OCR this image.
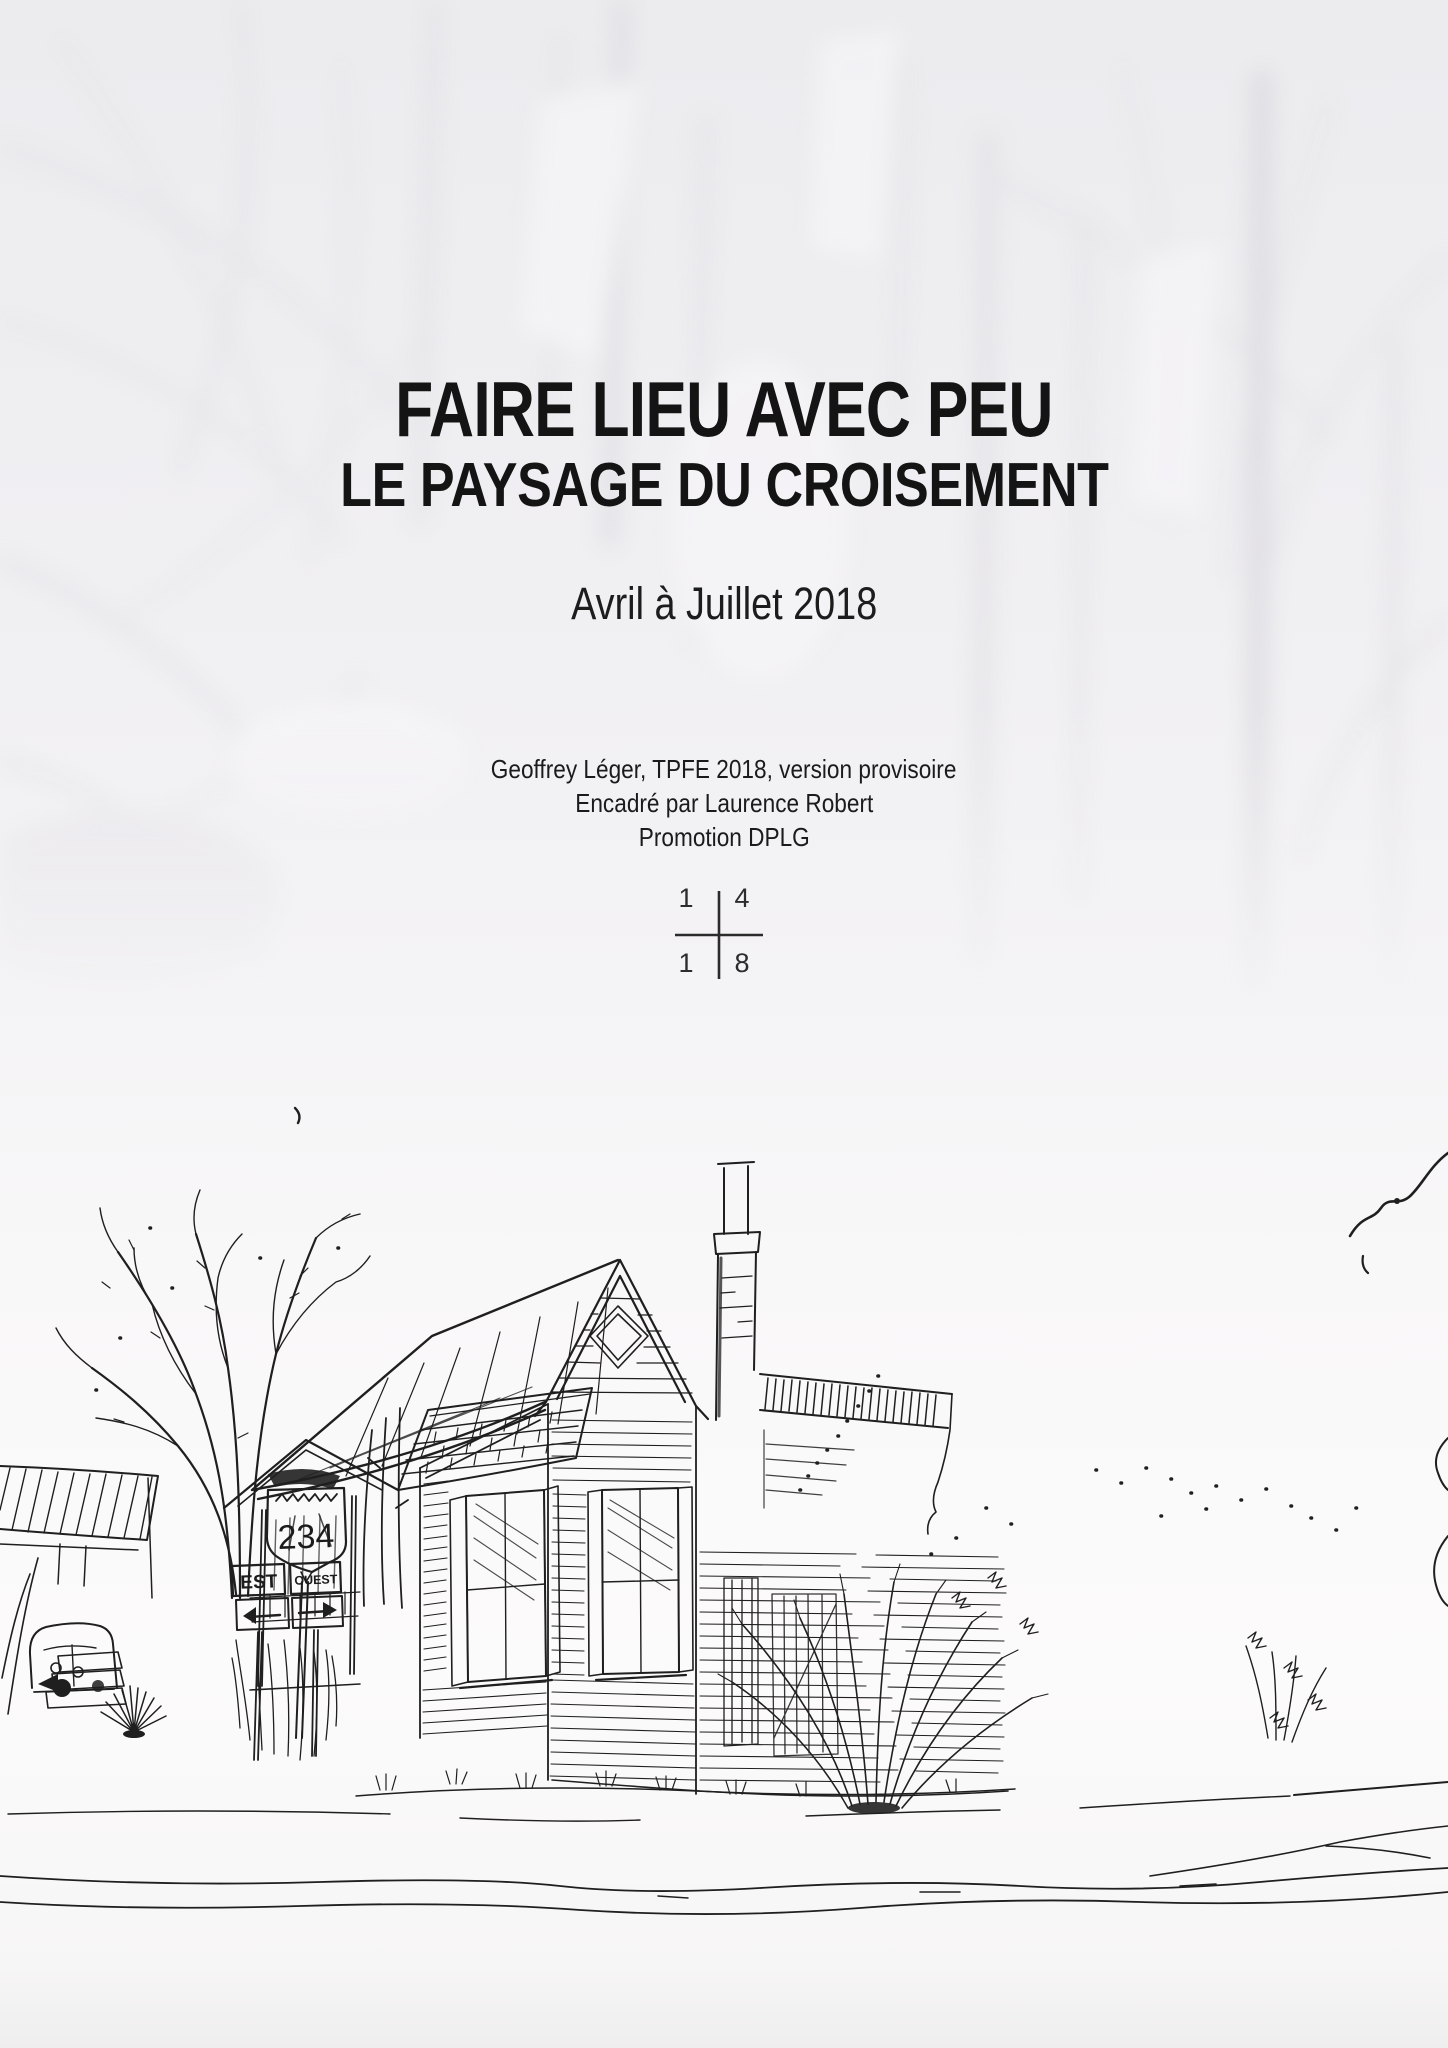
FAIRE LIEU AVEC PEU
LE PAYSAGE DU CROISEMENT
Avril à Juillet 2018
Geoffrey Léger, TPFE 2018, version provisoire
Encadré par Laurence Robert
Promotion DPLG
1	4
1	8
234
EST OUEST
